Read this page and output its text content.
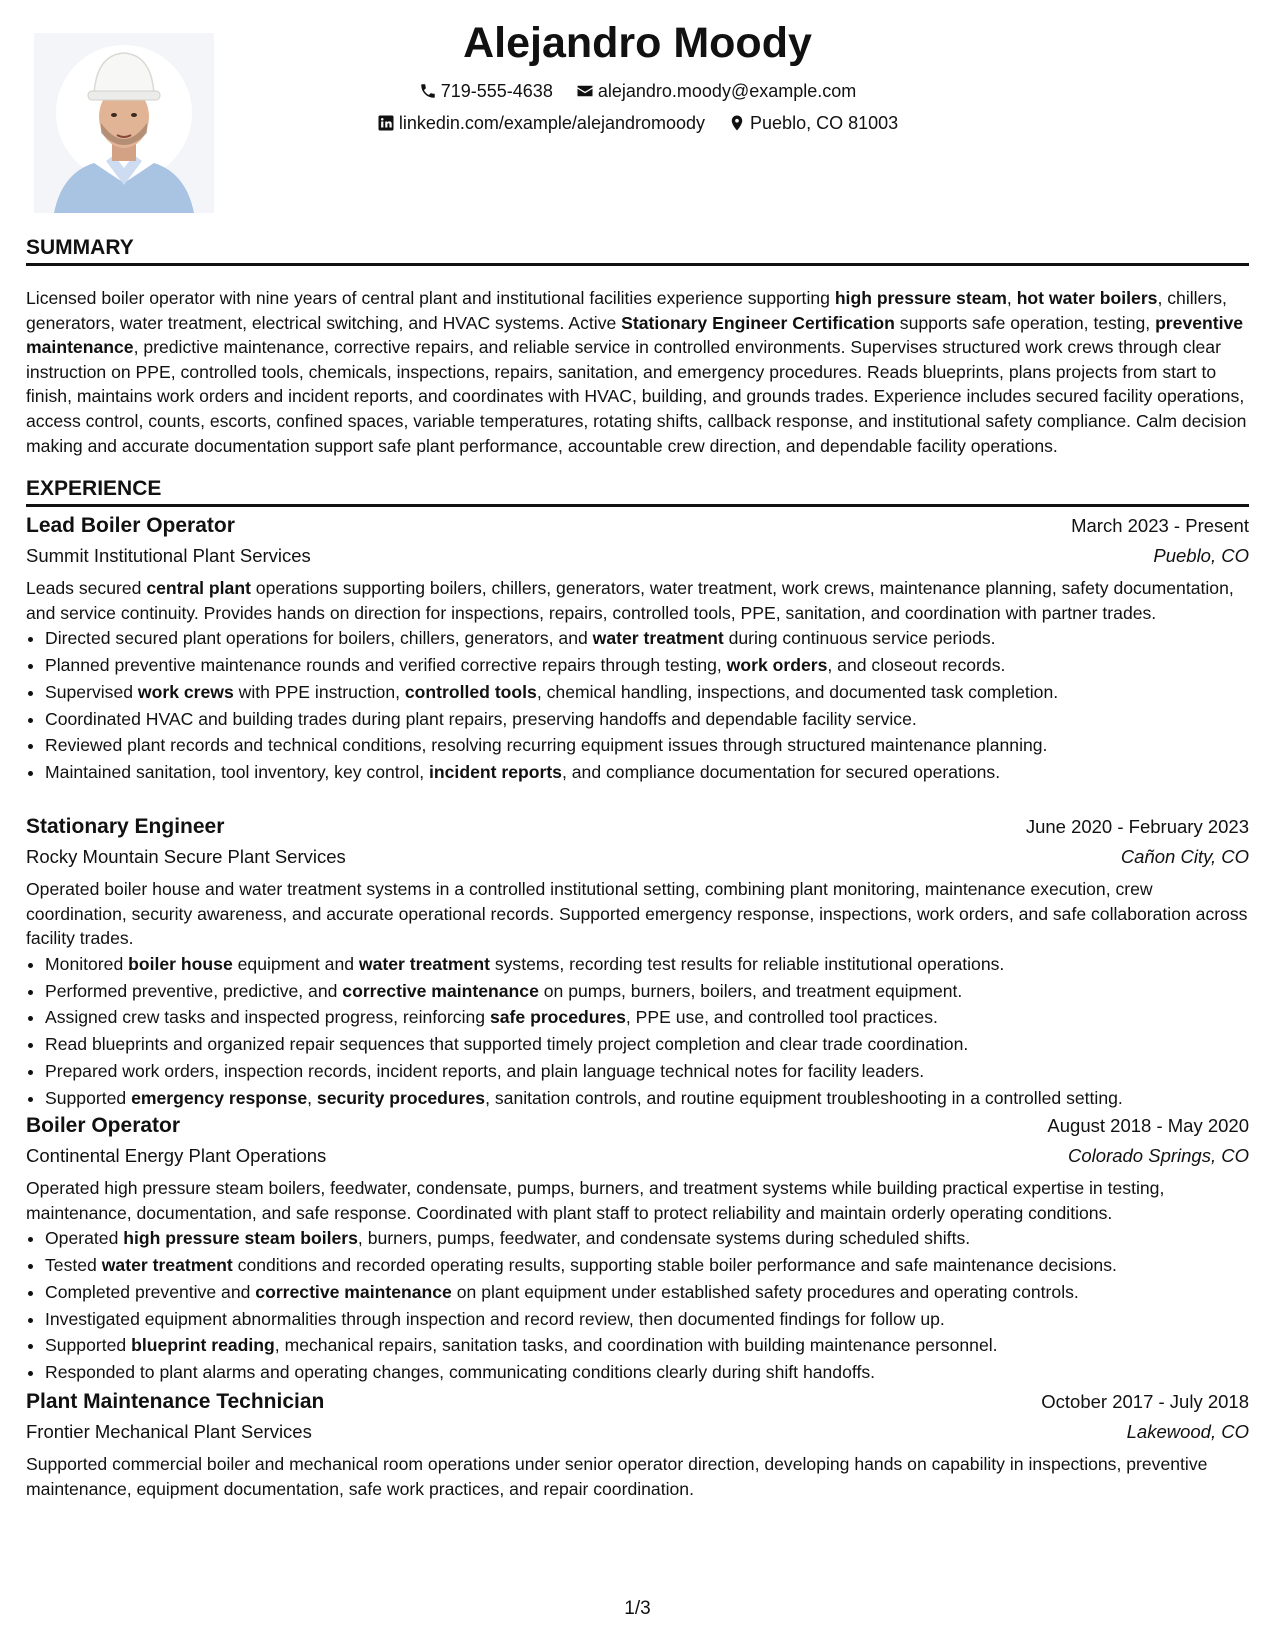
Alejandro Moody
719-555-4638
	alejandro.moody@example.com
linkedin.com/example/alejandromoody
	Pueblo, CO 81003
SUMMARY

Licensed boiler operator with nine years of central plant and institutional facilities experience supporting high pressure steam, hot water boilers, chillers, generators, water treatment, electrical switching, and HVAC systems. Active Stationary Engineer Certification supports safe operation, testing, preventive maintenance, predictive maintenance, corrective repairs, and reliable service in controlled environments. Supervises structured work crews through clear instruction on PPE, controlled tools, chemicals, inspections, repairs, sanitation, and emergency procedures. Reads blueprints, plans projects from start to finish, maintains work orders and incident reports, and coordinates with HVAC, building, and grounds trades. Experience includes secured facility operations, access control, counts, escorts, confined spaces, variable temperatures, rotating shifts, callback response, and institutional safety compliance. Calm decision making and accurate documentation support safe plant performance, accountable crew direction, and dependable facility operations.

EXPERIENCE
Lead Boiler Operator	March 2023 - Present
Summit Institutional Plant Services	Pueblo, CO

Leads secured central plant operations supporting boilers, chillers, generators, water treatment, work crews, maintenance planning, safety documentation, and service continuity. Provides hands on direction for inspections, repairs, controlled tools, PPE, sanitation, and coordination with partner trades.

• Directed secured plant operations for boilers, chillers, generators, and water treatment during continuous service periods.
• Planned preventive maintenance rounds and verified corrective repairs through testing, work orders, and closeout records.
• Supervised work crews with PPE instruction, controlled tools, chemical handling, inspections, and documented task completion.
• Coordinated HVAC and building trades during plant repairs, preserving handoffs and dependable facility service.
• Reviewed plant records and technical conditions, resolving recurring equipment issues through structured maintenance planning.
• Maintained sanitation, tool inventory, key control, incident reports, and compliance documentation for secured operations.
Stationary Engineer	June 2020 - February 2023
Rocky Mountain Secure Plant Services	Cañon City, CO

Operated boiler house and water treatment systems in a controlled institutional setting, combining plant monitoring, maintenance execution, crew coordination, security awareness, and accurate operational records. Supported emergency response, inspections, work orders, and safe collaboration across facility trades.

• Monitored boiler house equipment and water treatment systems, recording test results for reliable institutional operations.
• Performed preventive, predictive, and corrective maintenance on pumps, burners, boilers, and treatment equipment.
• Assigned crew tasks and inspected progress, reinforcing safe procedures, PPE use, and controlled tool practices.
• Read blueprints and organized repair sequences that supported timely project completion and clear trade coordination.
• Prepared work orders, inspection records, incident reports, and plain language technical notes for facility leaders.
• Supported emergency response, security procedures, sanitation controls, and routine equipment troubleshooting in a controlled setting.
Boiler Operator	August 2018 - May 2020
Continental Energy Plant Operations	Colorado Springs, CO

Operated high pressure steam boilers, feedwater, condensate, pumps, burners, and treatment systems while building practical expertise in testing, maintenance, documentation, and safe response. Coordinated with plant staff to protect reliability and maintain orderly operating conditions.

• Operated high pressure steam boilers, burners, pumps, feedwater, and condensate systems during scheduled shifts.
• Tested water treatment conditions and recorded operating results, supporting stable boiler performance and safe maintenance decisions.
• Completed preventive and corrective maintenance on plant equipment under established safety procedures and operating controls.
• Investigated equipment abnormalities through inspection and record review, then documented findings for follow up.
• Supported blueprint reading, mechanical repairs, sanitation tasks, and coordination with building maintenance personnel.
• Responded to plant alarms and operating changes, communicating conditions clearly during shift handoffs.
Plant Maintenance Technician	October 2017 - July 2018
Frontier Mechanical Plant Services	Lakewood, CO

Supported commercial boiler and mechanical room operations under senior operator direction, developing hands on capability in inspections, preventive maintenance, equipment documentation, safe work practices, and repair coordination.

1/3
